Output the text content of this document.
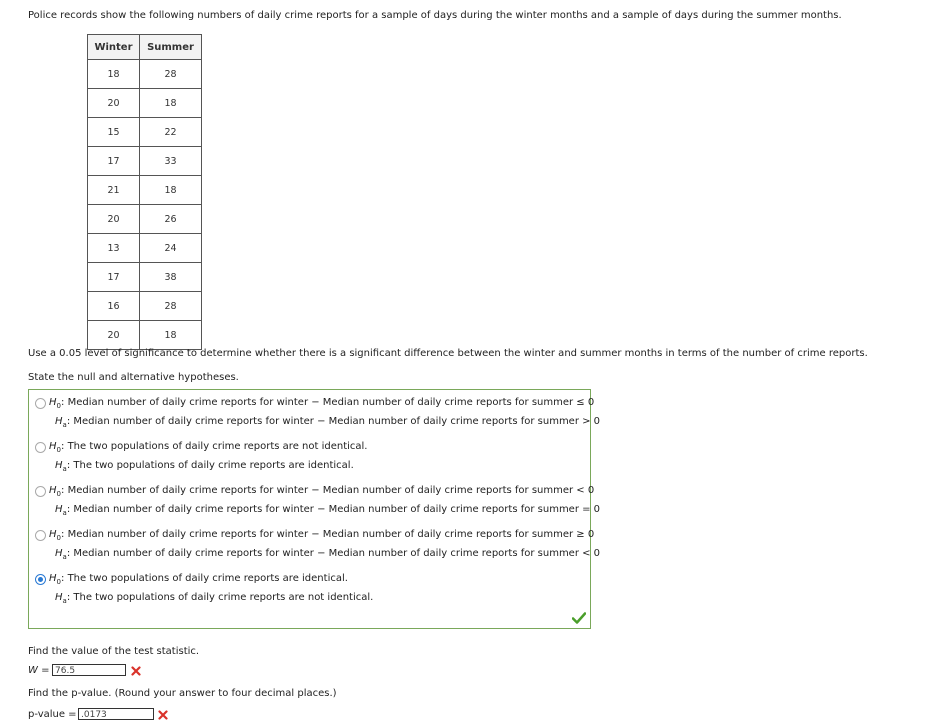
Police records show the following numbers of daily crime reports for a sample of days during the winter months and a sample of days during the summer months.
Winter	Summer
18	28
20	18
15	22
17	33
21	18
20	26
13	24
17	38
16	28
20	18
Use a 0.05 level of significance to determine whether there is a significant difference between the winter and summer months in terms of the number of crime reports.
State the null and alternative hypotheses.
$H_0$: Median number of daily crime reports for winter − Median number of daily crime reports for summer ≤ 0
$H_a$: Median number of daily crime reports for winter − Median number of daily crime reports for summer > 0
$H_0$: The two populations of daily crime reports are not identical.
$H_a$: The two populations of daily crime reports are identical.
$H_0$: Median number of daily crime reports for winter − Median number of daily crime reports for summer < 0
$H_a$: Median number of daily crime reports for winter − Median number of daily crime reports for summer = 0
$H_0$: Median number of daily crime reports for winter − Median number of daily crime reports for summer ≥ 0
$H_a$: Median number of daily crime reports for winter − Median number of daily crime reports for summer < 0
$H_0$: The two populations of daily crime reports are identical.
$H_a$: The two populations of daily crime reports are not identical.
Find the value of the test statistic.
W = 76.5
Find the p-value. (Round your answer to four decimal places.)
p-value = .0173
